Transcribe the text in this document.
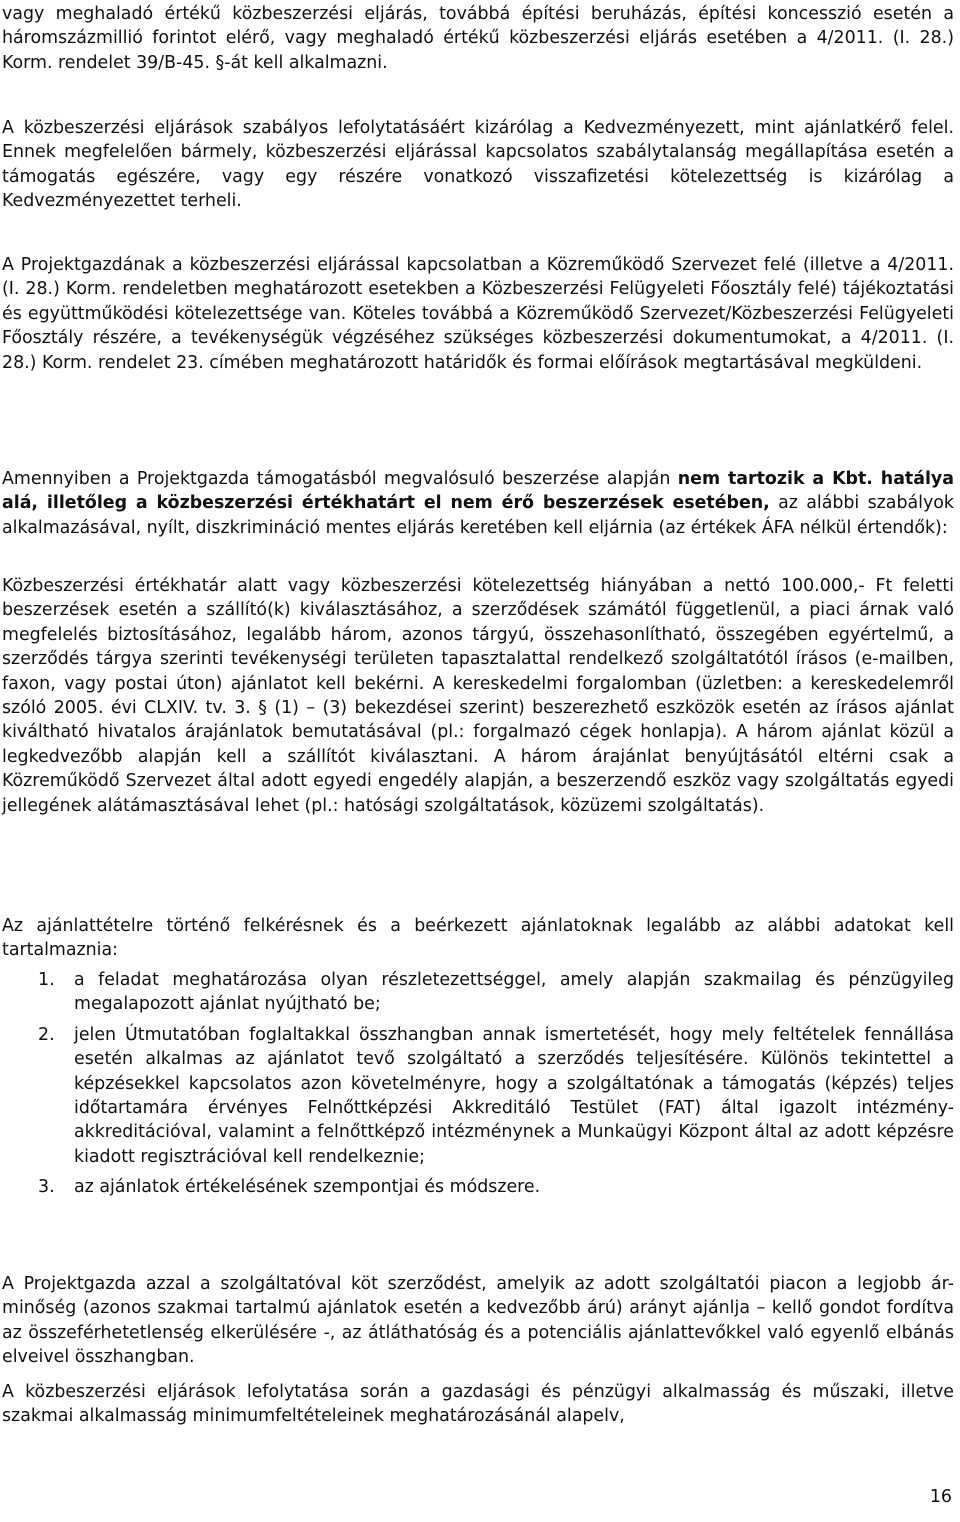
vagy meghaladó értékű közbeszerzési eljárás, továbbá építési beruházás, építési koncesszió esetén a háromszázmillió forintot elérő, vagy meghaladó értékű közbeszerzési eljárás esetében a 4/2011. (I. 28.) Korm. rendelet 39/B-45. §-át kell alkalmazni.

A közbeszerzési eljárások szabályos lefolytatásáért kizárólag a Kedvezményezett, mint ajánlatkérő felel. Ennek megfelelően bármely, közbeszerzési eljárással kapcsolatos szabálytalanság megállapítása esetén a támogatás egészére, vagy egy részére vonatkozó visszafizetési kötelezettség is kizárólag a Kedvezményezettet terheli.

A Projektgazdának a közbeszerzési eljárással kapcsolatban a Közreműködő Szervezet felé (illetve a 4/2011. (I. 28.) Korm. rendeletben meghatározott esetekben a Közbeszerzési Felügyeleti Főosztály felé) tájékoztatási és együttműködési kötelezettsége van. Köteles továbbá a Közreműködő Szervezet/Közbeszerzési Felügyeleti Főosztály részére, a tevékenységük végzéséhez szükséges közbeszerzési dokumentumokat, a 4/2011. (I. 28.) Korm. rendelet 23. címében meghatározott határidők és formai előírások megtartásával megküldeni.

Amennyiben a Projektgazda támogatásból megvalósuló beszerzése alapján nem tartozik a Kbt. hatálya alá, illetőleg a közbeszerzési értékhatárt el nem érő beszerzések esetében, az alábbi szabályok alkalmazásával, nyílt, diszkrimináció mentes eljárás keretében kell eljárnia (az értékek ÁFA nélkül értendők):

Közbeszerzési értékhatár alatt vagy közbeszerzési kötelezettség hiányában a nettó 100.000,- Ft feletti beszerzések esetén a szállító(k) kiválasztásához, a szerződések számától függetlenül, a piaci árnak való megfelelés biztosításához, legalább három, azonos tárgyú, összehasonlítható, összegében egyértelmű, a szerződés tárgya szerinti tevékenységi területen tapasztalattal rendelkező szolgáltatótól írásos (e-mailben, faxon, vagy postai úton) ajánlatot kell bekérni. A kereskedelmi forgalomban (üzletben: a kereskedelemről szóló 2005. évi CLXIV. tv. 3. § (1) – (3) bekezdései szerint) beszerezhető eszközök esetén az írásos ajánlat kiváltható hivatalos árajánlatok bemutatásával (pl.: forgalmazó cégek honlapja). A három ajánlat közül a legkedvezőbb alapján kell a szállítót kiválasztani. A három árajánlat benyújtásától eltérni csak a Közreműködő Szervezet által adott egyedi engedély alapján, a beszerzendő eszköz vagy szolgáltatás egyedi jellegének alátámasztásával lehet (pl.: hatósági szolgáltatások, közüzemi szolgáltatás).

Az ajánlattételre történő felkérésnek és a beérkezett ajánlatoknak legalább az alábbi adatokat kell tartalmaznia:

1. a feladat meghatározása olyan részletezettséggel, amely alapján szakmailag és pénzügyileg megalapozott ajánlat nyújtható be;
2. jelen Útmutatóban foglaltakkal összhangban annak ismertetését, hogy mely feltételek fennállása esetén alkalmas az ajánlatot tevő szolgáltató a szerződés teljesítésére. Különös tekintettel a képzésekkel kapcsolatos azon követelményre, hogy a szolgáltatónak a támogatás (képzés) teljes időtartamára érvényes Felnőttképzési Akkreditáló Testület (FAT) által igazolt intézmény-akkreditációval, valamint a felnőttképző intézménynek a Munkaügyi Központ által az adott képzésre kiadott regisztrációval kell rendelkeznie;
3. az ajánlatok értékelésének szempontjai és módszere.

A Projektgazda azzal a szolgáltatóval köt szerződést, amelyik az adott szolgáltatói piacon a legjobb ár-minőség (azonos szakmai tartalmú ajánlatok esetén a kedvezőbb árú) arányt ajánlja – kellő gondot fordítva az összeférhetetlenség elkerülésére -, az átláthatóság és a potenciális ajánlattevőkkel való egyenlő elbánás elveivel összhangban.

A közbeszerzési eljárások lefolytatása során a gazdasági és pénzügyi alkalmasság és műszaki, illetve szakmai alkalmasság minimumfeltételeinek meghatározásánál alapelv,

16
